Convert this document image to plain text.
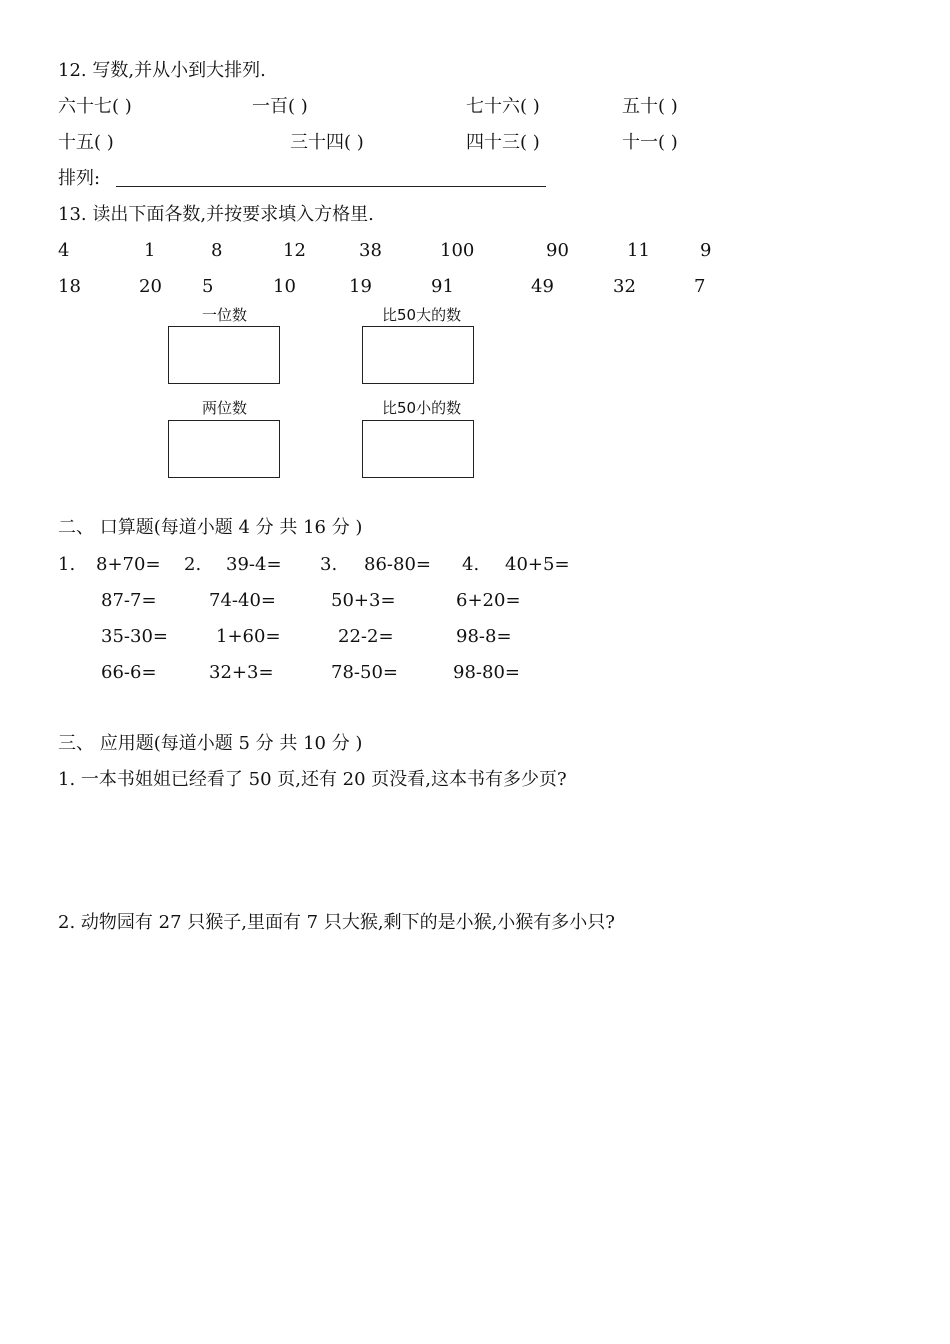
12. 写数,并从小到大排列.
六十七( )	一百( )	七十六( )	五十( )
十五( )	三十四( )	四十三( )	十一( )
排列:
13. 读出下面各数,并按要求填入方格里.
4	1	8	12	38	100	90	11	9
18	20 5	10	19	91	49	32	7
一位数	比50大的数
两位数	比50小的数
二、 口算题(每道小题 4 分 共 16 分 )
1. 8+70= 2. 39-4= 3. 86-80= 4. 40+5=
87-7=	74-40=	50+3=	6+20=
35-30=	1+60=	22-2=	98-8=
66-6=	32+3=	78-50=	98-80=
三、 应用题(每道小题 5 分 共 10 分 )
1. 一本书姐姐已经看了 50 页,还有 20 页没看,这本书有多少页?
2. 动物园有 27 只猴子,里面有 7 只大猴,剩下的是小猴,小猴有多小只?
